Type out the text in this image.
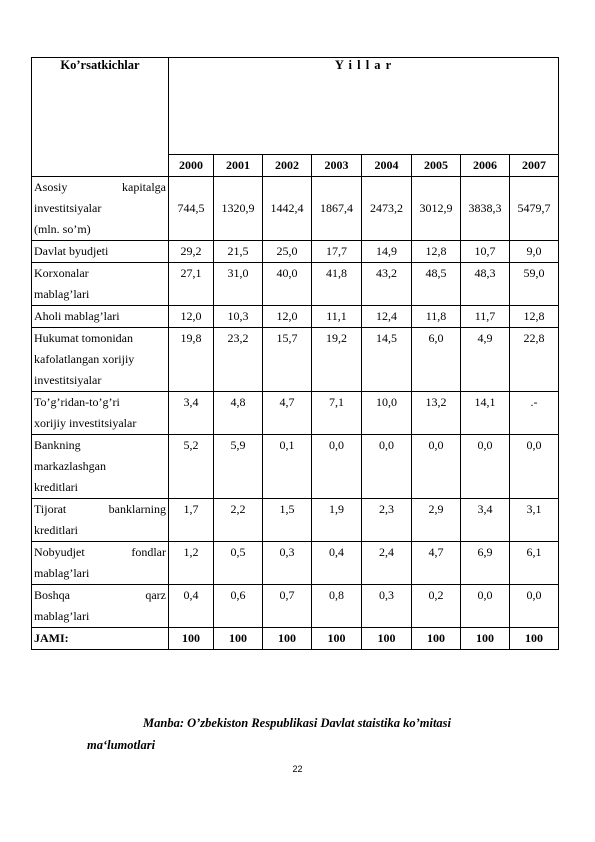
Ko’rsatkichlar	Y i l l a r							
	2000	2001	2002	2003	2004	2005	2006	2007

Asosiy kapitalga
investitsiyalar
(mln. so’m)	744,5	1320,9	1442,4	1867,4	2473,2	3012,9	3838,3	5479,7

Davlat byudjeti	29,2	21,5	25,0	17,7	14,9	12,8	10,7	9,0

Korxonalar
mablag’lari	27,1	31,0	40,0	41,8	43,2	48,5	48,3	59,0

Aholi mablag’lari	12,0	10,3	12,0	11,1	12,4	11,8	11,7	12,8

Hukumat tomonidan
kafolatlangan xorijiy
investitsiyalar	19,8	23,2	15,7	19,2	14,5	6,0	4,9	22,8

To’g’ridan-to’g’ri
xorijiy investitsiyalar	3,4	4,8	4,7	7,1	10,0	13,2	14,1	.-

Bankning
markazlashgan
kreditlari	5,2	5,9	0,1	0,0	0,0	0,0	0,0	0,0

Tijorat banklarning
kreditlari	1,7	2,2	1,5	1,9	2,3	2,9	3,4	3,1

Nobyudjet fondlar
mablag’lari	1,2	0,5	0,3	0,4	2,4	4,7	6,9	6,1

Boshqa qarz
mablag’lari	0,4	0,6	0,7	0,8	0,3	0,2	0,0	0,0
JAMI:	100	100	100	100	100	100	100	100
Manba: O’zbekiston Respublikasi Davlat staistika ko’mitasi
ma‘lumotlari
22
